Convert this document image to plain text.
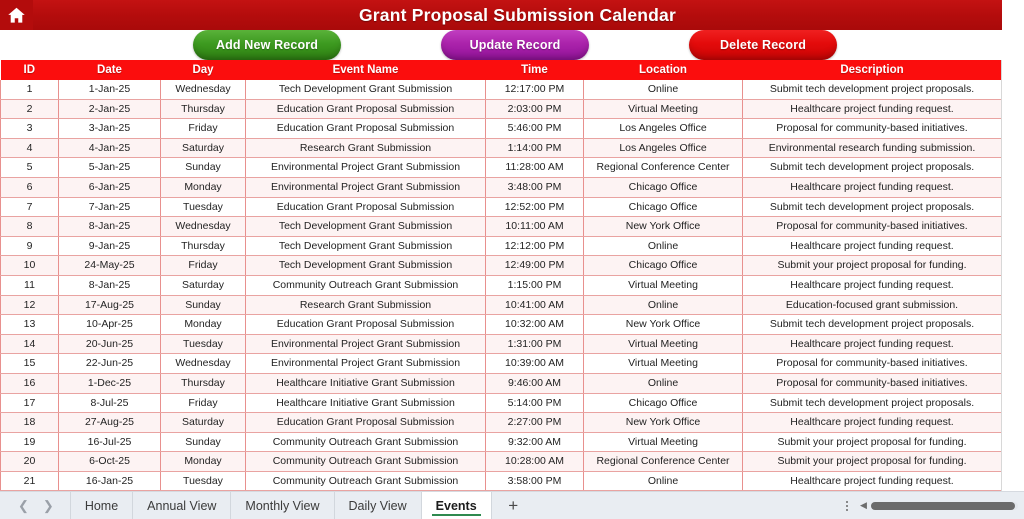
Grant Proposal Submission Calendar
Add New Record	Update Record	Delete Record
ID	Date	Day	Event Name	Time	Location	Description
1	1-Jan-25	Wednesday	Tech Development Grant Submission	12:17:00 PM	Online	Submit tech development project proposals.
2	2-Jan-25	Thursday	Education Grant Proposal Submission	2:03:00 PM	Virtual Meeting	Healthcare project funding request.
3	3-Jan-25	Friday	Education Grant Proposal Submission	5:46:00 PM	Los Angeles Office	Proposal for community-based initiatives.
4	4-Jan-25	Saturday	Research Grant Submission	1:14:00 PM	Los Angeles Office	Environmental research funding submission.
5	5-Jan-25	Sunday	Environmental Project Grant Submission	11:28:00 AM	Regional Conference Center	Submit tech development project proposals.
6	6-Jan-25	Monday	Environmental Project Grant Submission	3:48:00 PM	Chicago Office	Healthcare project funding request.
7	7-Jan-25	Tuesday	Education Grant Proposal Submission	12:52:00 PM	Chicago Office	Submit tech development project proposals.
8	8-Jan-25	Wednesday	Tech Development Grant Submission	10:11:00 AM	New York Office	Proposal for community-based initiatives.
9	9-Jan-25	Thursday	Tech Development Grant Submission	12:12:00 PM	Online	Healthcare project funding request.
10	24-May-25	Friday	Tech Development Grant Submission	12:49:00 PM	Chicago Office	Submit your project proposal for funding.
11	8-Jan-25	Saturday	Community Outreach Grant Submission	1:15:00 PM	Virtual Meeting	Healthcare project funding request.
12	17-Aug-25	Sunday	Research Grant Submission	10:41:00 AM	Online	Education-focused grant submission.
13	10-Apr-25	Monday	Education Grant Proposal Submission	10:32:00 AM	New York Office	Submit tech development project proposals.
14	20-Jun-25	Tuesday	Environmental Project Grant Submission	1:31:00 PM	Virtual Meeting	Healthcare project funding request.
15	22-Jun-25	Wednesday	Environmental Project Grant Submission	10:39:00 AM	Virtual Meeting	Proposal for community-based initiatives.
16	1-Dec-25	Thursday	Healthcare Initiative Grant Submission	9:46:00 AM	Online	Proposal for community-based initiatives.
17	8-Jul-25	Friday	Healthcare Initiative Grant Submission	5:14:00 PM	Chicago Office	Submit tech development project proposals.
18	27-Aug-25	Saturday	Education Grant Proposal Submission	2:27:00 PM	New York Office	Healthcare project funding request.
19	16-Jul-25	Sunday	Community Outreach Grant Submission	9:32:00 AM	Virtual Meeting	Submit your project proposal for funding.
20	6-Oct-25	Monday	Community Outreach Grant Submission	10:28:00 AM	Regional Conference Center	Submit your project proposal for funding.
21	16-Jan-25	Tuesday	Community Outreach Grant Submission	3:58:00 PM	Online	Healthcare project funding request.
❮ ❯	Home	Annual View	Monthly View	Daily View	Events	+	◀
